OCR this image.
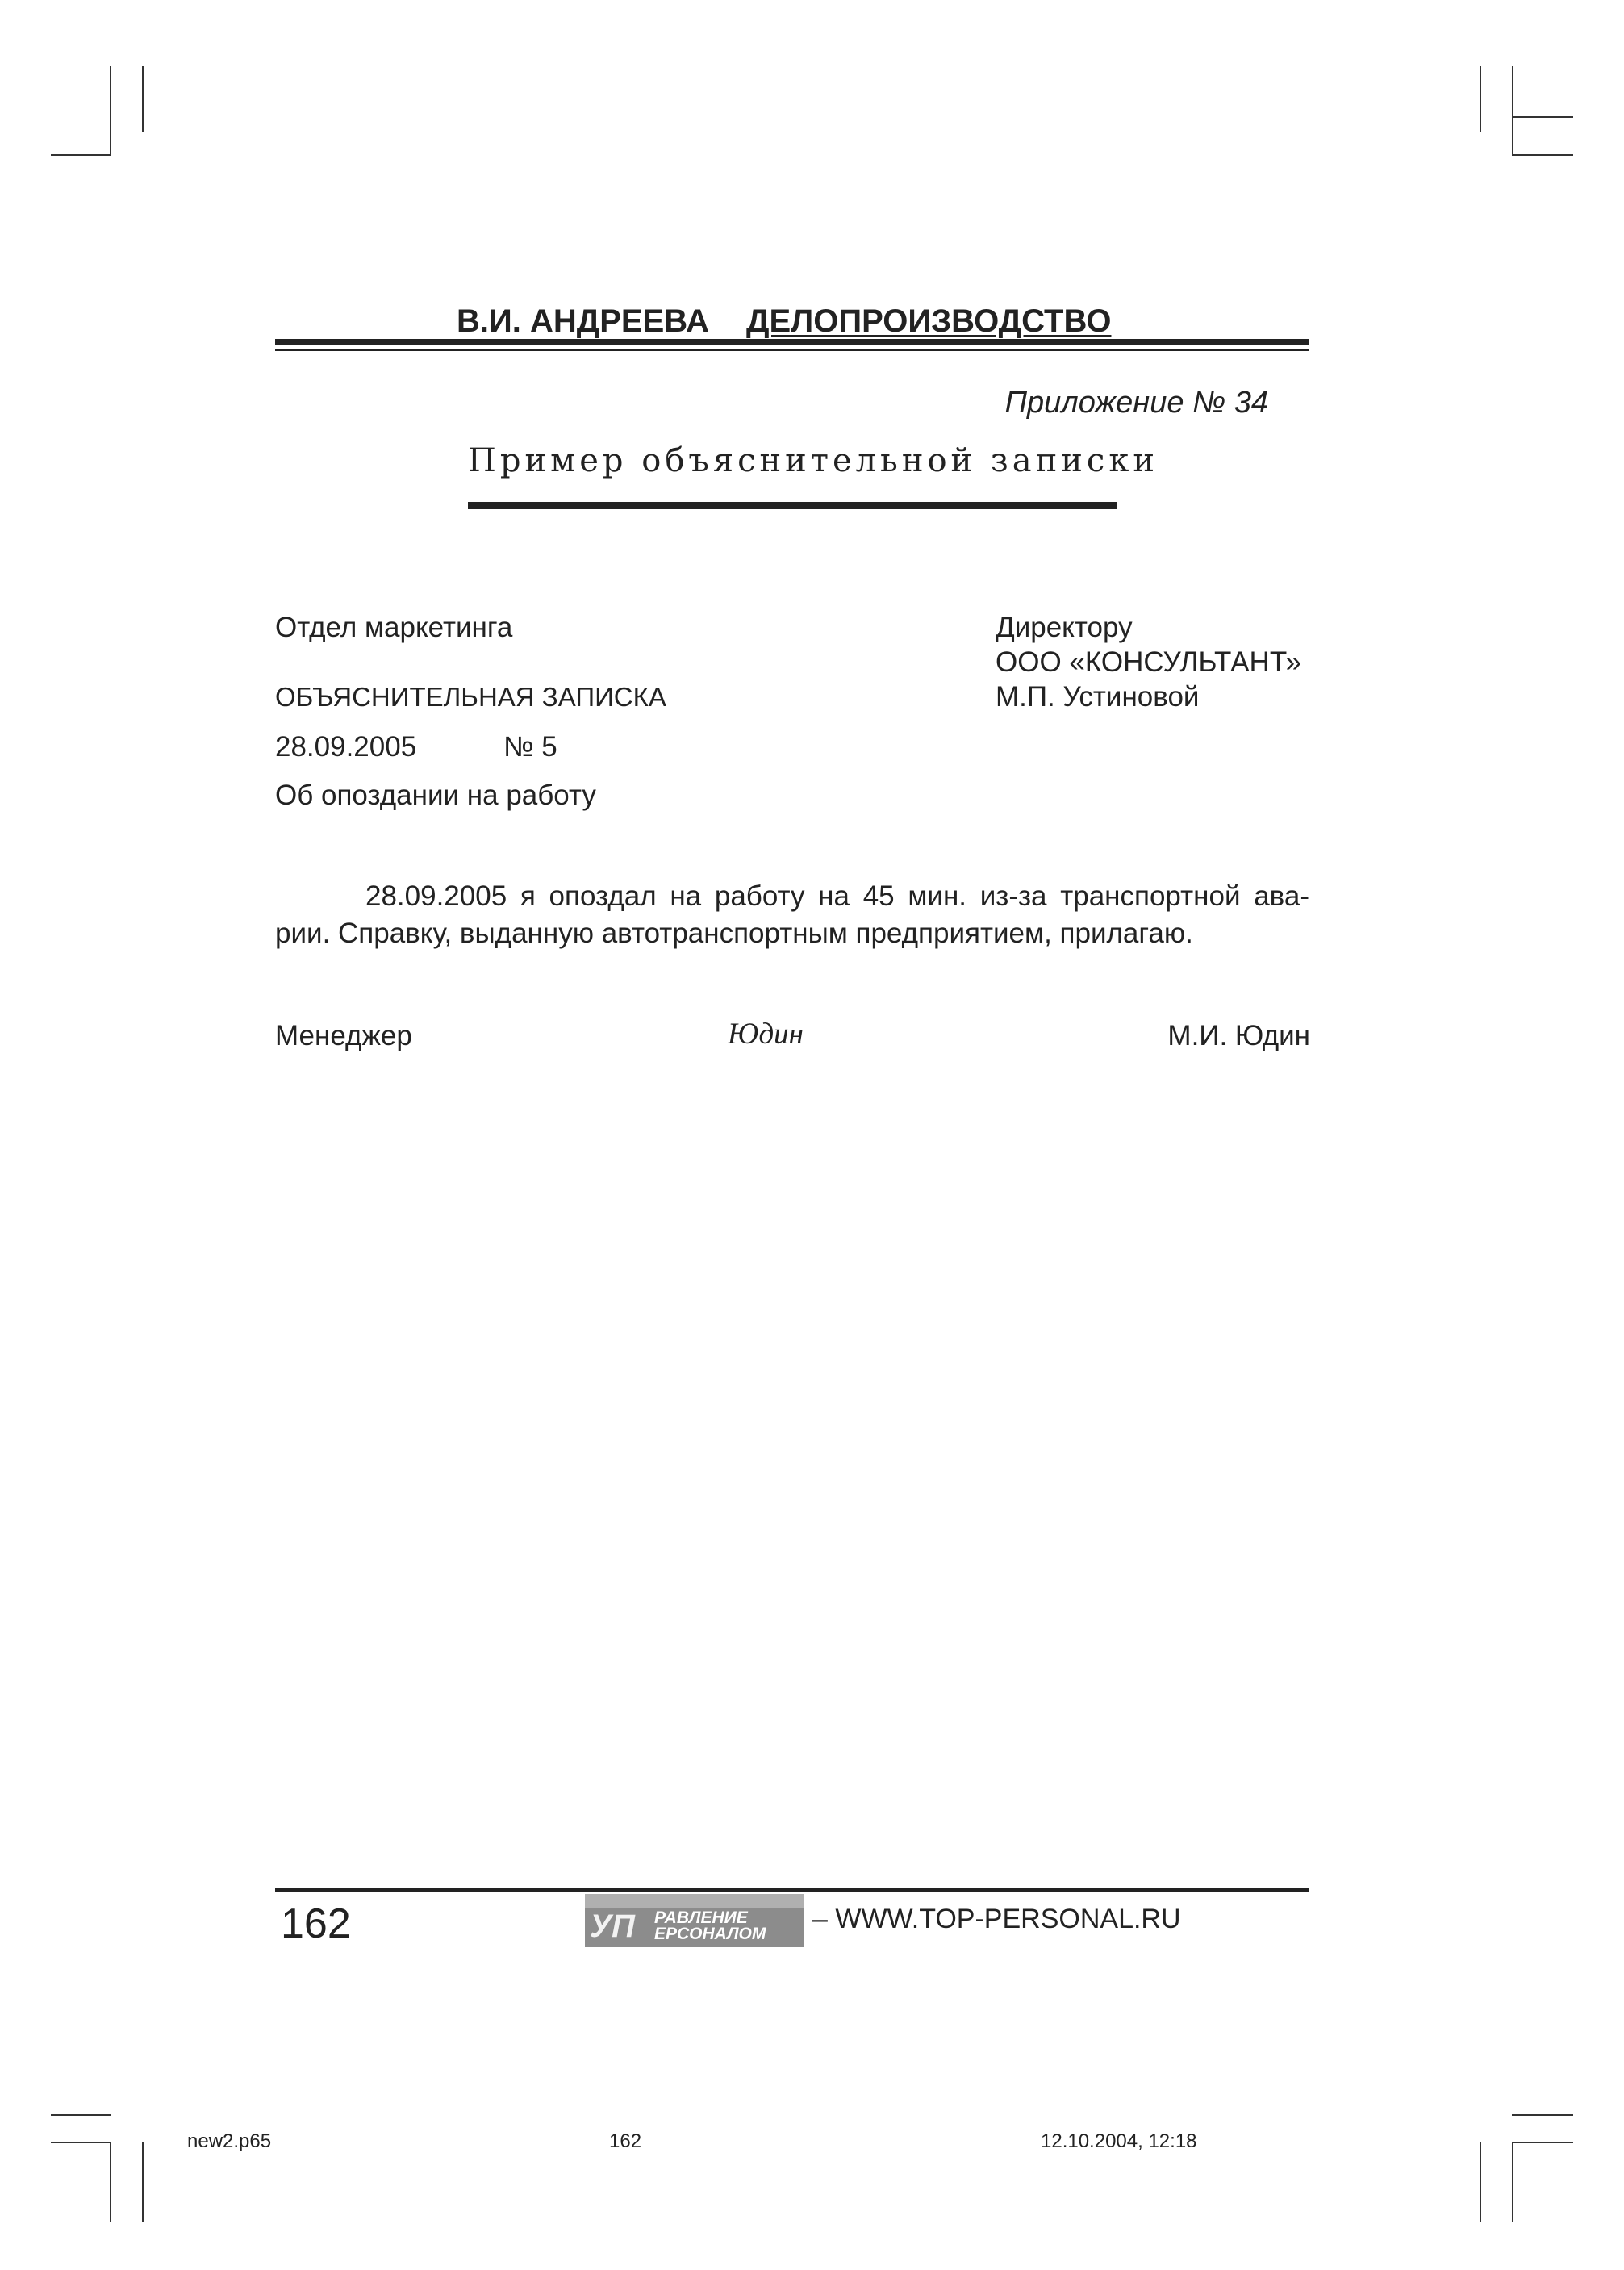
В.И. АНДРЕЕВА ДЕЛОПРОИЗВОДСТВО
Приложение № 34
Пример объяснительной записки
Отдел маркетинга
ОБЪЯСНИТЕЛЬНАЯ ЗАПИСКА
28.09.2005	№ 5
Об опоздании на работу
Директору
ООО «КОНСУЛЬТАНТ»
М.П. Устиновой
28.09.2005 я опоздал на работу на 45 мин. из-за транспортной ава-
рии. Справку, выданную автотранспортным предприятием, прилагаю.
Менеджер	Юдин	М.И. Юдин
162	УП РАВЛЕНИЕ
ЕРСОНАЛОМ – WWW.TOP-PERSONAL.RU
new2.p65	162	12.10.2004, 12:18
